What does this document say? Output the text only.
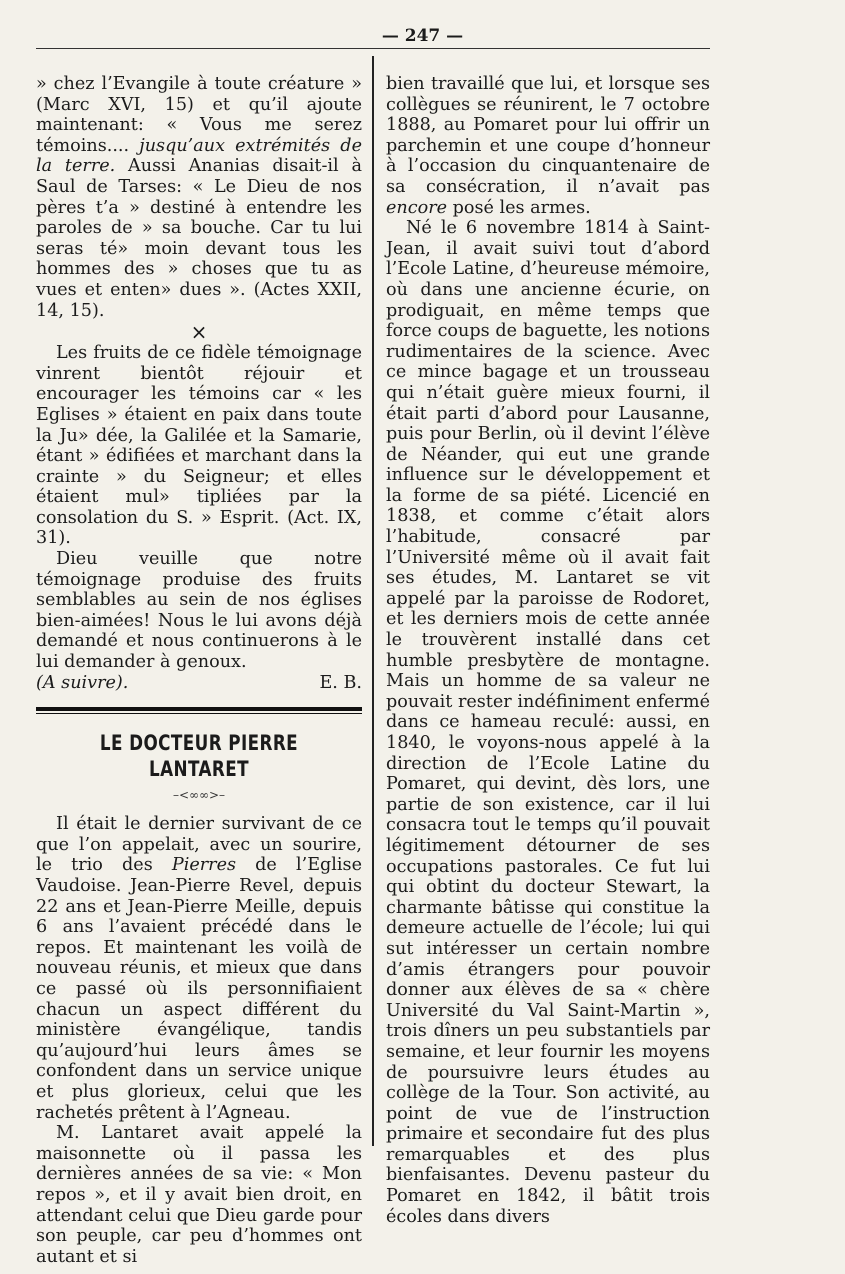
— 247 —

» chez l’Evangile à toute créature » (Marc XVI, 15) et qu’il ajoute maintenant: « Vous me serez témoins.... jusqu’aux extrémités de la terre. Aussi Ananias disait-il à Saul de Tarses: « Le Dieu de nos pères t’a » destiné à entendre les paroles de » sa bouche. Car tu lui seras té» moin devant tous les hommes des » choses que tu as vues et enten» dues ». (Actes XXII, 14, 15).

×

Les fruits de ce fidèle témoignage vinrent bientôt réjouir et encourager les témoins car « les Eglises » étaient en paix dans toute la Ju» dée, la Galilée et la Samarie, étant » édifiées et marchant dans la crainte » du Seigneur; et elles étaient mul» tipliées par la consolation du S. » Esprit. (Act. IX, 31).

Dieu veuille que notre témoignage produise des fruits semblables au sein de nos églises bien-aimées! Nous le lui avons déjà demandé et nous continuerons à le lui demander à genoux.

(A suivre).	E. B.
LE DOCTEUR PIERRE LANTARET
–<∞∞>–

Il était le dernier survivant de ce que l’on appelait, avec un sourire, le trio des Pierres de l’Eglise Vaudoise. Jean-Pierre Revel, depuis 22 ans et Jean-Pierre Meille, depuis 6 ans l’avaient précédé dans le repos. Et maintenant les voilà de nouveau réunis, et mieux que dans ce passé où ils personnifiaient chacun un aspect différent du ministère évangélique, tandis qu’aujourd’hui leurs âmes se confondent dans un service unique et plus glorieux, celui que les rachetés prêtent à l’Agneau.

M. Lantaret avait appelé la maisonnette où il passa les dernières années de sa vie: « Mon repos », et il y avait bien droit, en attendant celui que Dieu garde pour son peuple, car peu d’hommes ont autant et si

bien travaillé que lui, et lorsque ses collègues se réunirent, le 7 octobre 1888, au Pomaret pour lui offrir un parchemin et une coupe d’honneur à l’occasion du cinquantenaire de sa consécration, il n’avait pas encore posé les armes.

Né le 6 novembre 1814 à Saint-Jean, il avait suivi tout d’abord l’Ecole Latine, d’heureuse mémoire, où dans une ancienne écurie, on prodiguait, en même temps que force coups de baguette, les notions rudimentaires de la science. Avec ce mince bagage et un trousseau qui n’était guère mieux fourni, il était parti d’abord pour Lausanne, puis pour Berlin, où il devint l’élève de Néander, qui eut une grande influence sur le développement et la forme de sa piété. Licencié en 1838, et comme c’était alors l’habitude, consacré par l’Université même où il avait fait ses études, M. Lantaret se vit appelé par la paroisse de Rodoret, et les derniers mois de cette année le trouvèrent installé dans cet humble presbytère de montagne. Mais un homme de sa valeur ne pouvait rester indéfiniment enfermé dans ce hameau reculé: aussi, en 1840, le voyons-nous appelé à la direction de l’Ecole Latine du Pomaret, qui devint, dès lors, une partie de son existence, car il lui consacra tout le temps qu’il pouvait légitimement détourner de ses occupations pastorales. Ce fut lui qui obtint du docteur Stewart, la charmante bâtisse qui constitue la demeure actuelle de l’école; lui qui sut intéresser un certain nombre d’amis étrangers pour pouvoir donner aux élèves de sa « chère Université du Val Saint-Martin », trois dîners un peu substantiels par semaine, et leur fournir les moyens de poursuivre leurs études au collège de la Tour. Son activité, au point de vue de l’instruction primaire et secondaire fut des plus remarquables et des plus bienfaisantes. Devenu pasteur du Pomaret en 1842, il bâtit trois écoles dans divers
